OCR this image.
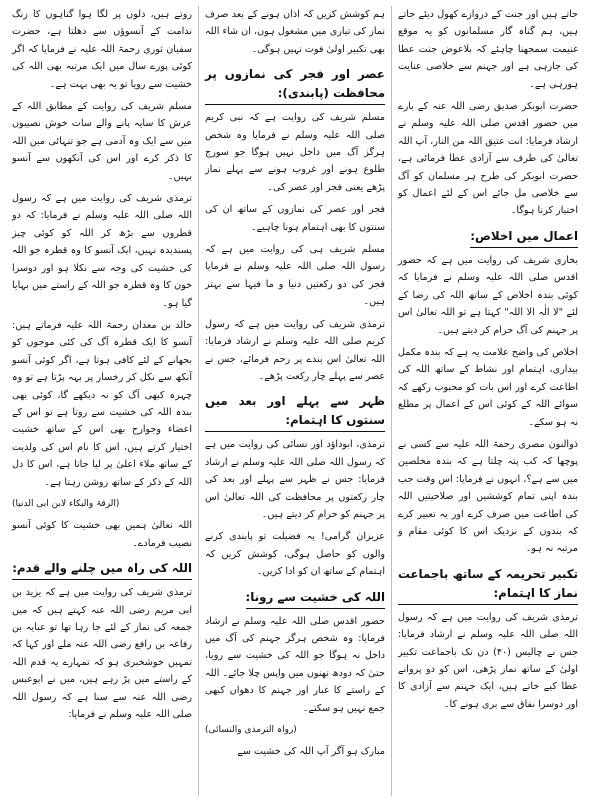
جاتے ہیں اور جنت کے دروازے کھول دیئے جاتے ہیں، ہم گناہ گار مسلمانوں کو یہ موقع غنیمت سمجھنا چاہئے کہ بلاعوض جنت عطا کی جارہی ہے اور جہنم سے خلاصی عنایت ہورہی ہے۔
حضرت ابوبکر صدیق رضی اللہ عنہ کے بارے میں حضور اقدس صلی اللہ علیہ وسلم نے ارشاد فرمایا: انت عتیق اللہ من النار، آپ اللہ تعالیٰ کی طرف سے آزادی عطا فرمائی ہے، حضرت ابوبکر کی طرح ہر مسلمان کو آگ سے خلاصی مل جائے اس کے لئے اعمال کو اختیار کرنا ہوگا۔
اعمال میں اخلاص:
بخاری شریف کی روایت میں ہے کہ حضور اقدس صلی اللہ علیہ وسلم نے فرمایا کہ کوئی بندہ اخلاص کے ساتھ اللہ کی رضا کے لئے "لا الٰہ الا اللہ" کہتا ہے تو اللہ تعالیٰ اس پر جہنم کی آگ حرام کر دیتے ہیں۔
اخلاص کی واضح علامت یہ ہے کہ بندہ مکمل بیداری، اہتمام اور نشاط کے ساتھ اللہ کی اطاعت کرے اور اس بات کو محبوب رکھے کہ سوائے اللہ کے کوئی اس کے اعمال پر مطلع نہ ہو سکے۔
ذوالنون مصری رحمۃ اللہ علیہ سے کسی نے پوچھا کہ کب پتہ چلتا ہے کہ بندہ مخلصین میں سے ہے؟، انہوں نے فرمایا: اس وقت جب بندہ اپنی تمام کوششیں اور صلاحیتیں اللہ کی اطاعت میں صرف کرے اور یہ تعبیر کرے کہ بندوں کے نزدیک اس کا کوئی مقام و مرتبہ نہ ہو۔
تکبیر تحریمہ کے ساتھ باجماعت نماز کا اہتمام:
ترمذی شریف کی روایت میں ہے کہ رسول اللہ صلی اللہ علیہ وسلم نے ارشاد فرمایا: جس نے چالیس (۴۰) دن تک باجماعت تکبیر اولیٰ کے ساتھ نماز پڑھی، اس کو دو پروانے عطا کیے جاتے ہیں، ایک جہنم سے آزادی کا اور دوسرا نفاق سے بری ہونے کا۔
ہم کوشش کریں کہ اذان ہونے کے بعد صرف نماز کی تیاری میں مشغول ہوں، ان شاء اللہ بھی تکبیر اولیٰ فوت نہیں ہوگی۔
عصر اور فجر کی نمازوں پر محافظت (پابندی):
مسلم شریف کی روایت ہے کہ نبی کریم صلی اللہ علیہ وسلم نے فرمایا وہ شخص ہرگز آگ میں داخل نہیں ہوگا جو سورج طلوع ہونے اور غروب ہونے سے پہلے نماز پڑھے یعنی فجر اور عصر کی۔
فجر اور عصر کی نمازوں کے ساتھ ان کی سنتوں کا بھی اہتمام ہونا چاہیے۔
مسلم شریف ہی کی روایت میں ہے کہ رسول اللہ صلی اللہ علیہ وسلم نے فرمایا فجر کی دو رکعتیں دنیا و ما فیہا سے بہتر ہیں۔
ترمذی شریف کی روایت میں ہے کہ رسول کریم صلی اللہ علیہ وسلم نے ارشاد فرمایا: اللہ تعالیٰ اس بندے پر رحم فرمائے، جس نے عصر سے پہلے چار رکعت پڑھے۔
ظہر سے پہلے اور بعد میں سنتوں کا اہتمام:
ترمذی، ابوداؤد اور نسائی کی روایت میں ہے کہ رسول اللہ صلی اللہ علیہ وسلم نے ارشاد فرمایا: جس نے ظہر سے پہلے اور بعد کی چار رکعتوں پر محافظت کی اللہ تعالیٰ اس پر جہنم کو حرام کر دیتے ہیں۔
عزیزان گرامی! یہ فضیلت تو پابندی کرنے والوں کو حاصل ہوگی، کوشش کریں کہ اہتمام کے ساتھ ان کو ادا کریں۔
اللہ کی خشیت سے رونا:
حضور اقدس صلی اللہ علیہ وسلم نے ارشاد فرمایا: وہ شخص ہرگز جہنم کی آگ میں داخل نہ ہوگا جو اللہ کی خشیت سے رویا، حتیٰ کہ دودھ تھنوں میں واپس چلا جائے۔ اللہ کے راستے کا غبار اور جہنم کا دھواں کبھی جمع نہیں ہو سکتے۔
(رواہ الترمذی والنسائی)
مبارک ہو آگر آپ اللہ کی خشیت سے
روتے ہیں، دلوں پر لگا ہوا گناہوں کا زنگ ندامت کے آنسوؤں سے دھلتا ہے، حضرت سفیان ثوری رحمۃ اللہ علیہ نے فرمایا کہ اگر کوئی پورے سال میں ایک مرتبہ بھی اللہ کی خشیت سے رویا تو یہ بھی بہت ہے۔
مسلم شریف کی روایت کے مطابق اللہ کے عرش کا سایہ پانے والے سات خوش نصیبوں میں سے ایک وہ آدمی ہے جو تنہائی میں اللہ کا ذکر کرے اور اس کی آنکھوں سے آنسو بہیں۔
ترمذی شریف کی روایت میں ہے کہ رسول اللہ صلی اللہ علیہ وسلم نے فرمایا: کہ دو قطروں سے بڑھ کر اللہ کو کوئی چیز پسندیدہ نہیں، ایک آنسو کا وہ قطرہ جو اللہ کی خشیت کی وجہ سے نکلا ہو اور دوسرا خون کا وہ قطرہ جو اللہ کے راستے میں بہایا گیا ہو۔
خالد بن معدان رحمۃ اللہ علیہ فرماتے ہیں: آنسو کا ایک قطرہ آگ کی کئی موجوں کو بجھانے کے لئے کافی ہوتا ہے، اگر کوئی آنسو آنکھ سے نکل کر رخسار پر بہہ پڑتا ہے تو وہ چہرہ کبھی آگ کو نہ دیکھے گا، کوئی بھی بندہ اللہ کی خشیت سے روتا ہے تو اس کے اعضاء وجوارح بھی اس کے ساتھ خشیت اختیار کرتے ہیں، اس کا نام اس کی ولدیت کے ساتھ ملاء اعلیٰ پر لیا جاتا ہے، اس کا دل اللہ کے ذکر کے ساتھ روشن رہتا ہے۔
(الرقۃ والبکاء لابن ابی الدنیا)
اللہ تعالیٰ ہمیں بھی خشیت کا کوئی آنسو نصیب فرمادے۔
اللہ کی راہ میں چلنے والے قدم:
ترمذی شریف کی روایت میں ہے کہ یزید بن ابی مریم رضی اللہ عنہ کہتے ہیں کہ میں جمعہ کی نماز کے لئے جا رہا تھا تو عبایہ بن رفاعہ بن رافع رضی اللہ عنہ ملے اور کہا کہ تمہیں خوشخبری ہو کہ تمہارے یہ قدم اللہ کے راستے میں پڑ رہے ہیں، میں نے ابوعبس رضی اللہ عنہ سے سنا ہے کہ رسول اللہ صلی اللہ علیہ وسلم نے فرمایا:
